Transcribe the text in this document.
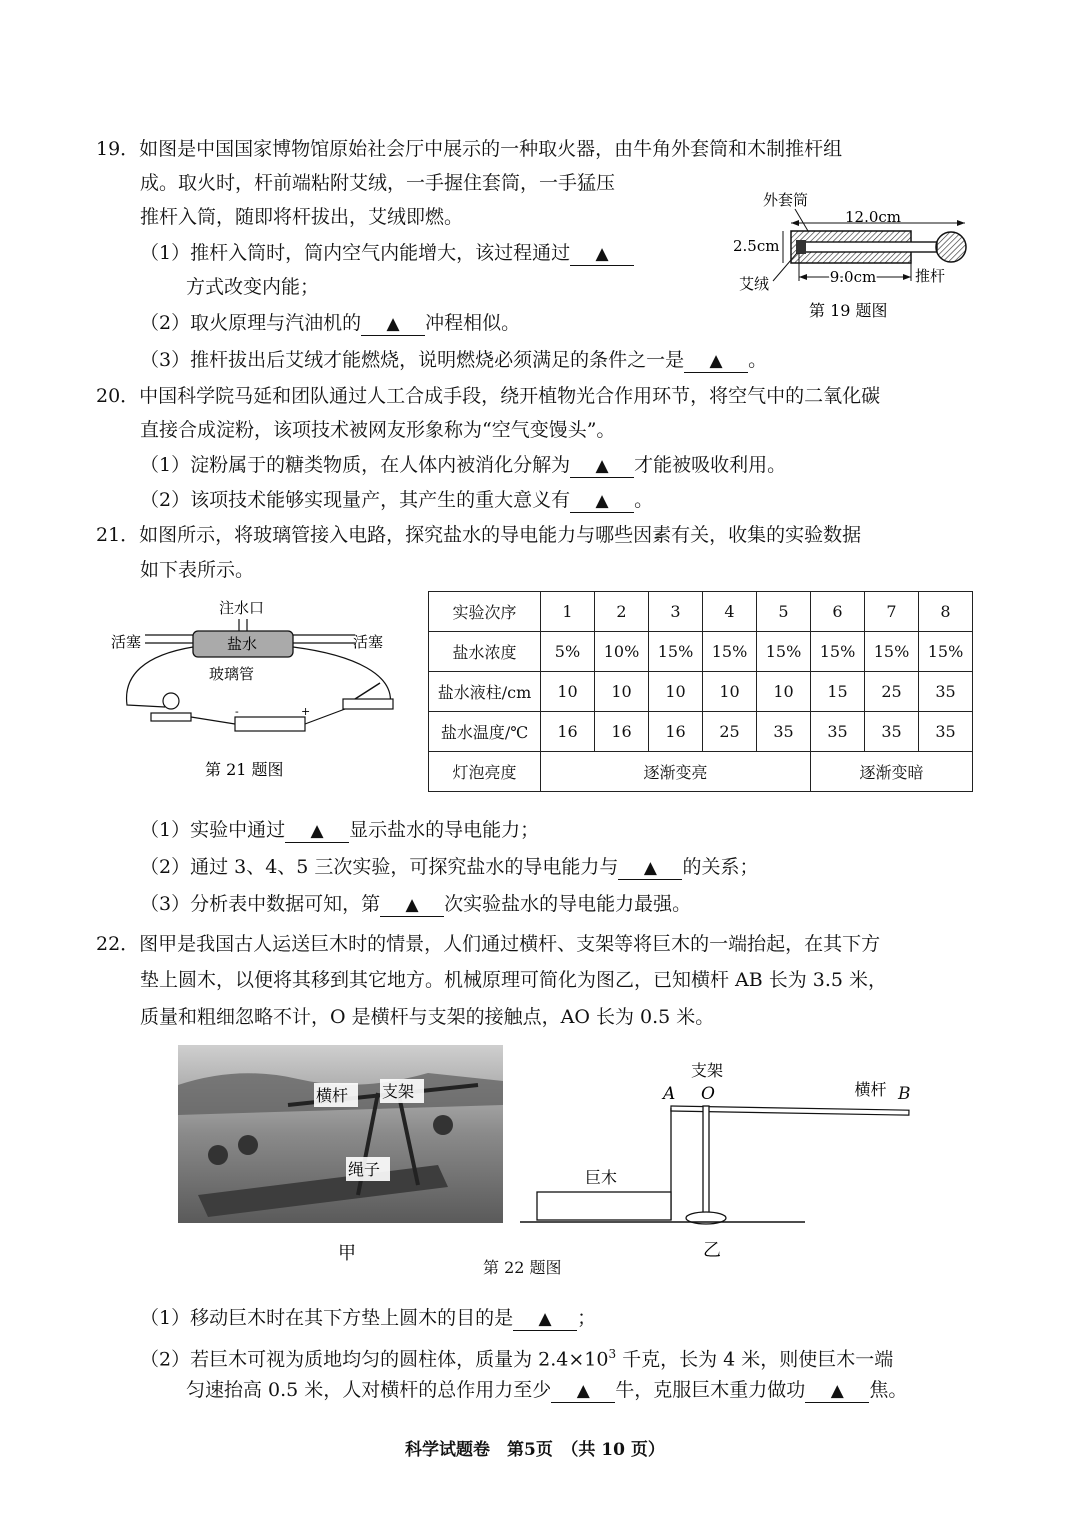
19．如图是中国国家博物馆原始社会厅中展示的一种取火器，由牛角外套筒和木制推杆组
成。取火时，杆前端粘附艾绒，一手握住套筒，一手猛压
推杆入筒，随即将杆拔出，艾绒即燃。
（1）推杆入筒时，筒内空气内能增大，该过程通过 ▲
方式改变内能；
（2）取火原理与汽油机的 ▲ 冲程相似。
（3）推杆拔出后艾绒才能燃烧，说明燃烧必须满足的条件之一是 ▲ 。
外套筒
12.0cm
2.5cm
9.0cm
艾绒	推杆
第 19 题图
20．中国科学院马延和团队通过人工合成手段，绕开植物光合作用环节，将空气中的二氧化碳
直接合成淀粉，该项技术被网友形象称为“空气变馒头”。
（1）淀粉属于的糖类物质，在人体内被消化分解为 ▲ 才能被吸收利用。
（2）该项技术能够实现量产，其产生的重大意义有 ▲ 。
21．如图所示，将玻璃管接入电路，探究盐水的导电能力与哪些因素有关，收集的实验数据
如下表所示。
注水口
盐水
活塞	活塞
玻璃管
-	+
第 21 题图
实验次序	1	2	3	4	5	6	7	8
盐水浓度	5%	10%	15%	15%	15%	15%	15%	15%
盐水液柱/cm	10	10	10	10	10	15	25	35
盐水温度/℃	16	16	16	25	35	35	35	35
灯泡亮度	逐渐变亮					逐渐变暗		
（1）实验中通过 ▲ 显示盐水的导电能力；
（2）通过 3、4、5 三次实验，可探究盐水的导电能力与 ▲ 的关系；
（3）分析表中数据可知，第 ▲ 次实验盐水的导电能力最强。
22．图甲是我国古人运送巨木时的情景，人们通过横杆、支架等将巨木的一端抬起，在其下方
垫上圆木，以便将其移到其它地方。机械原理可简化为图乙，已知横杆 AB 长为 3.5 米，
质量和粗细忽略不计，O 是横杆与支架的接触点，AO 长为 0.5 米。
横杆 支架
绳子
甲
支架
A O	横杆
巨木
乙
第 22 题图
B
（1）移动巨木时在其下方垫上圆木的目的是 ▲ ；
（2）若巨木可视为质地均匀的圆柱体，质量为 $2.4\times 10^3$ 千克，长为 4 米，则使巨木一端
匀速抬高 0.5 米，人对横杆的总作用力至少 ▲ 牛，克服巨木重力做功 ▲ 焦。
科学试题卷　第5页　（共 10 页）
